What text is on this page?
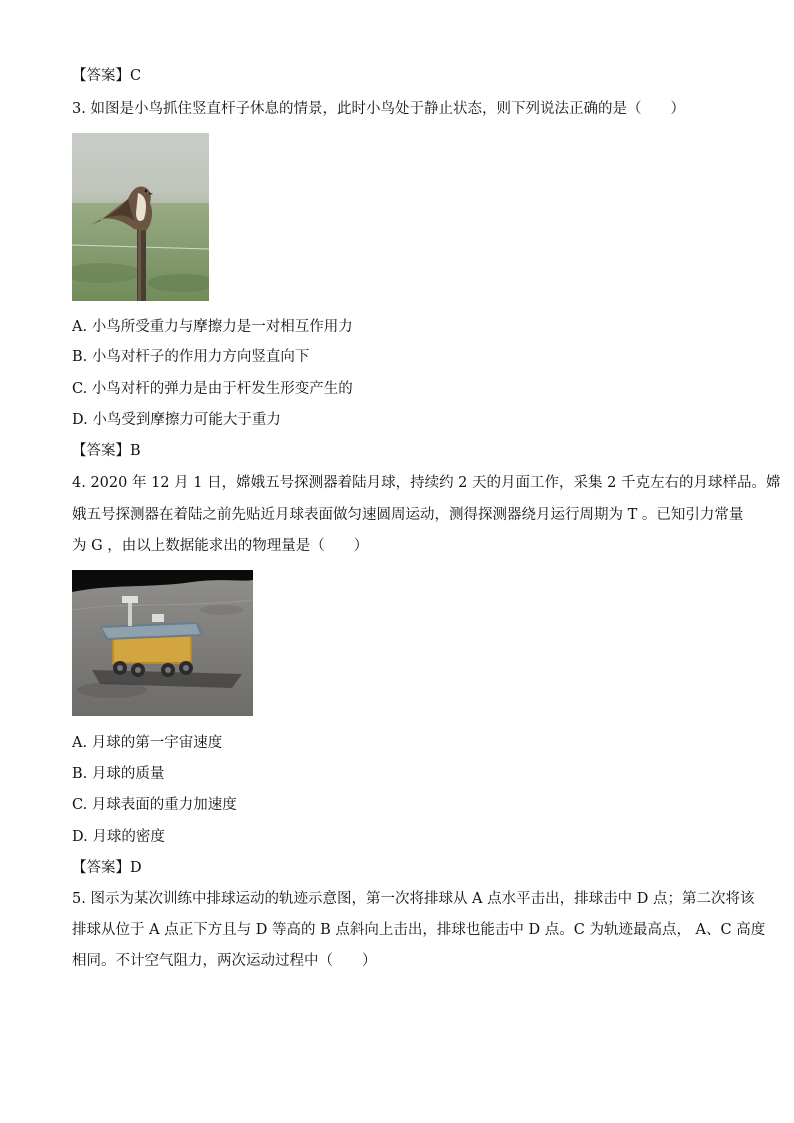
【答案】C
3. 如图是小鸟抓住竖直杆子休息的情景，此时小鸟处于静止状态，则下列说法正确的是（　　）
A. 小鸟所受重力与摩擦力是一对相互作用力
B. 小鸟对杆子的作用力方向竖直向下
C. 小鸟对杆的弹力是由于杆发生形变产生的
D. 小鸟受到摩擦力可能大于重力
【答案】B
4. 2020 年 12 月 1 日，嫦娥五号探测器着陆月球，持续约 2 天的月面工作，采集 2 千克左右的月球样品。嫦
娥五号探测器在着陆之前先贴近月球表面做匀速圆周运动，测得探测器绕月运行周期为 T 。已知引力常量
为 G ，由以上数据能求出的物理量是（　　）
A. 月球的第一宇宙速度
B. 月球的质量
C. 月球表面的重力加速度
D. 月球的密度
【答案】D
5. 图示为某次训练中排球运动的轨迹示意图，第一次将排球从 A 点水平击出，排球击中 D 点；第二次将该
排球从位于 A 点正下方且与 D 等高的 B 点斜向上击出，排球也能击中 D 点。C 为轨迹最高点， A、C 高度
相同。不计空气阻力，两次运动过程中（　　）
